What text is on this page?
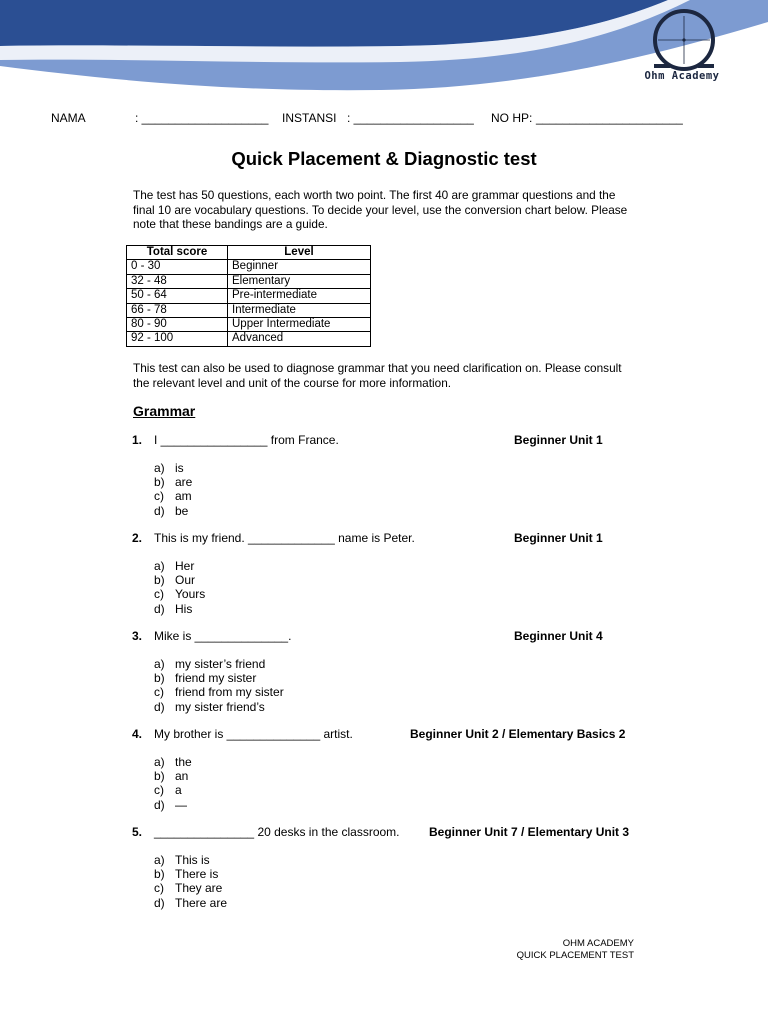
Ohm Academy
NAMA	: ___________________ INSTANSI : __________________ NO HP: ______________________
Quick Placement & Diagnostic test
The test has 50 questions, each worth two point. The first 40 are grammar questions and the
final 10 are vocabulary questions. To decide your level, use the conversion chart below. Please
note that these bandings are a guide.
Total score	Level
0 - 30	Beginner
32 - 48	Elementary
50 - 64	Pre-intermediate
66 - 78	Intermediate
80 - 90	Upper Intermediate
92 - 100	Advanced
This test can also be used to diagnose grammar that you need clarification on. Please consult
the relevant level and unit of the course for more information.
Grammar
1. I ________________ from France.	Beginner Unit 1
a) is
b) are
c) am
d) be
2. This is my friend. _____________ name is Peter.	Beginner Unit 1
a) Her
b) Our
c) Yours
d) His
3. Mike is ______________.	Beginner Unit 4
a) my sister’s friend
b) friend my sister
c) friend from my sister
d) my sister friend’s
4. My brother is ______________ artist.	Beginner Unit 2 / Elementary Basics 2
a) the
b) an
c) a
d) —
5. _______________ 20 desks in the classroom. Beginner Unit 7 / Elementary Unit 3
a) This is
b) There is
c) They are
d) There are
OHM ACADEMY
QUICK PLACEMENT TEST
